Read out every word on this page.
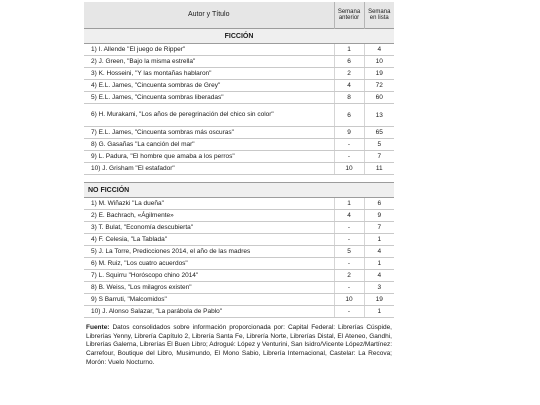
Autor y Título	Semana anterior	Semana en lista
FICCIÓN		
1) I. Allende "El juego de Ripper"	1	4
2) J. Green, "Bajo la misma estrella"	6	10
3) K. Hosseini, "Y las montañas hablaron"	2	19
4) E.L. James, "Cincuenta sombras de Grey"	4	72
5) E.L. James, "Cincuenta sombras liberadas"	8	60
6) H. Murakami, "Los años de peregrinación del chico sin color"	6	13
7) E.L. James, "Cincuenta sombras más oscuras"	9	65
8) G. Gasañas "La canción del mar"	-	5
9) L. Padura, "El hombre que amaba a los perros"	-	7
10) J. Grisham "El estafador"	10	11

NO FICCIÓN		
1) M. Wiñazki "La dueña"	1	6
2) E. Bachrach, «Ágilmente»	4	9
3) T. Bulat, "Economía descubierta"	-	7
4) F. Celesia, "La Tablada"	-	1
5) J. La Torre, Predicciones 2014, el año de las madres	5	4
6) M. Ruiz, "Los cuatro acuerdos"	-	1
7) L. Squirru "Horóscopo chino 2014"	2	4
8) B. Weiss, "Los milagros existen"	-	3
9) S Barruti, "Malcomidos"	10	19
10) J. Alonso Salazar, "La parábola de Pablo"	-	1
Fuente: Datos consolidados sobre información proporcionada por: Capital Federal: Librerías Cúspide, Librerías Yenny, Librería Capítulo 2, Librería Santa Fe, Librería Norte, Librerías Distal, El Ateneo, Gandhi, Librerías Galerna, Librerías El Buen Libro; Adrogué: López y Venturini, San Isidro/Vicente López/Martínez: Carrefour, Boutique del Libro, Musimundo, El Mono Sabio, Librería Internacional, Castelar: La Recova; Morón: Vuelo Nocturno.
